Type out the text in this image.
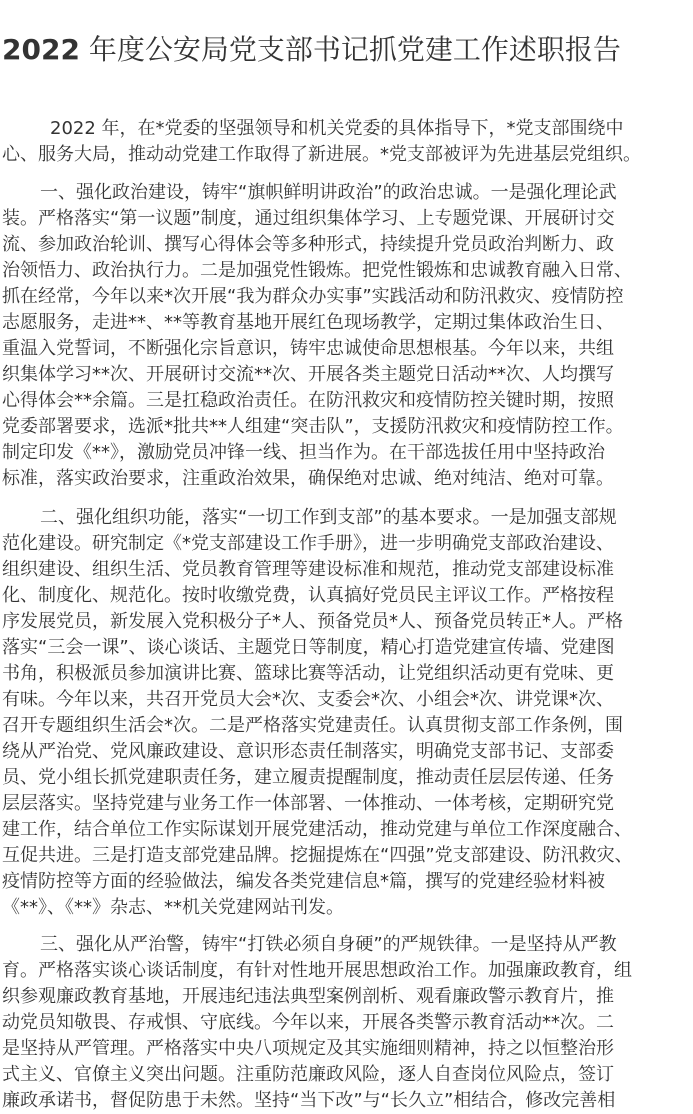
2022 年度公安局党支部书记抓党建工作述职报告
2022 年，在*党委的坚强领导和机关党委的具体指导下，*党支部围绕中
心、服务大局，推动动党建工作取得了新进展。*党支部被评为先进基层党组织。
一、强化政治建设，铸牢“旗帜鲜明讲政治”的政治忠诚。一是强化理论武
装。严格落实“第一议题”制度，通过组织集体学习、上专题党课、开展研讨交
流、参加政治轮训、撰写心得体会等多种形式，持续提升党员政治判断力、政
治领悟力、政治执行力。二是加强党性锻炼。把党性锻炼和忠诚教育融入日常、
抓在经常，今年以来*次开展“我为群众办实事”实践活动和防汛救灾、疫情防控
志愿服务，走进**、**等教育基地开展红色现场教学，定期过集体政治生日、
重温入党誓词，不断强化宗旨意识，铸牢忠诚使命思想根基。今年以来，共组
织集体学习**次、开展研讨交流**次、开展各类主题党日活动**次、人均撰写
心得体会**余篇。三是扛稳政治责任。在防汛救灾和疫情防控关键时期，按照
党委部署要求，选派*批共**人组建“突击队”，支援防汛救灾和疫情防控工作。
制定印发《**》，激励党员冲锋一线、担当作为。在干部选拔任用中坚持政治
标准，落实政治要求，注重政治效果，确保绝对忠诚、绝对纯洁、绝对可靠。
二、强化组织功能，落实“一切工作到支部”的基本要求。一是加强支部规
范化建设。研究制定《*党支部建设工作手册》，进一步明确党支部政治建设、
组织建设、组织生活、党员教育管理等建设标准和规范，推动党支部建设标准
化、制度化、规范化。按时收缴党费，认真搞好党员民主评议工作。严格按程
序发展党员，新发展入党积极分子*人、预备党员*人、预备党员转正*人。严格
落实“三会一课”、谈心谈话、主题党日等制度，精心打造党建宣传墙、党建图
书角，积极派员参加演讲比赛、篮球比赛等活动，让党组织活动更有党味、更
有味。今年以来，共召开党员大会*次、支委会*次、小组会*次、讲党课*次、
召开专题组织生活会*次。二是严格落实党建责任。认真贯彻支部工作条例，围
绕从严治党、党风廉政建设、意识形态责任制落实，明确党支部书记、支部委
员、党小组长抓党建职责任务，建立履责提醒制度，推动责任层层传递、任务
层层落实。坚持党建与业务工作一体部署、一体推动、一体考核，定期研究党
建工作，结合单位工作实际谋划开展党建活动，推动党建与单位工作深度融合、
互促共进。三是打造支部党建品牌。挖掘提炼在“四强”党支部建设、防汛救灾、
疫情防控等方面的经验做法，编发各类党建信息*篇，撰写的党建经验材料被
《**》、《**》杂志、**机关党建网站刊发。
三、强化从严治警，铸牢“打铁必须自身硬”的严规铁律。一是坚持从严教
育。严格落实谈心谈话制度，有针对性地开展思想政治工作。加强廉政教育，组
织参观廉政教育基地，开展违纪违法典型案例剖析、观看廉政警示教育片，推
动党员知敬畏、存戒惧、守底线。今年以来，开展各类警示教育活动**次。二
是坚持从严管理。严格落实中央八项规定及其实施细则精神，持之以恒整治形
式主义、官僚主义突出问题。注重防范廉政风险，逐人自查岗位风险点，签订
廉政承诺书，督促防患于未然。坚持“当下改”与“长久立”相结合，修改完善相
